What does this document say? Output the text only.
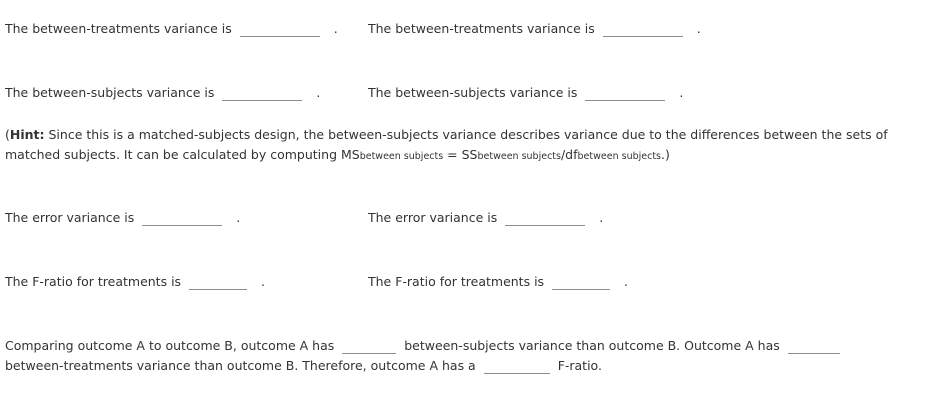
The between-treatments variance is	. The between-treatments variance is	.
The between-subjects variance is	.	The between-subjects variance is	.
(Hint: Since this is a matched-subjects design, the between-subjects variance describes variance due to the differences between the sets of
matched subjects. It can be calculated by computing MSbetween subjects = SSbetween subjects/dfbetween subjects.)
The error variance is	.	The error variance is	.
The F-ratio for treatments is	.	The F-ratio for treatments is	.
Comparing outcome A to outcome B, outcome A has	between-subjects variance than outcome B. Outcome A has
between-treatments variance than outcome B. Therefore, outcome A has a	F-ratio.
